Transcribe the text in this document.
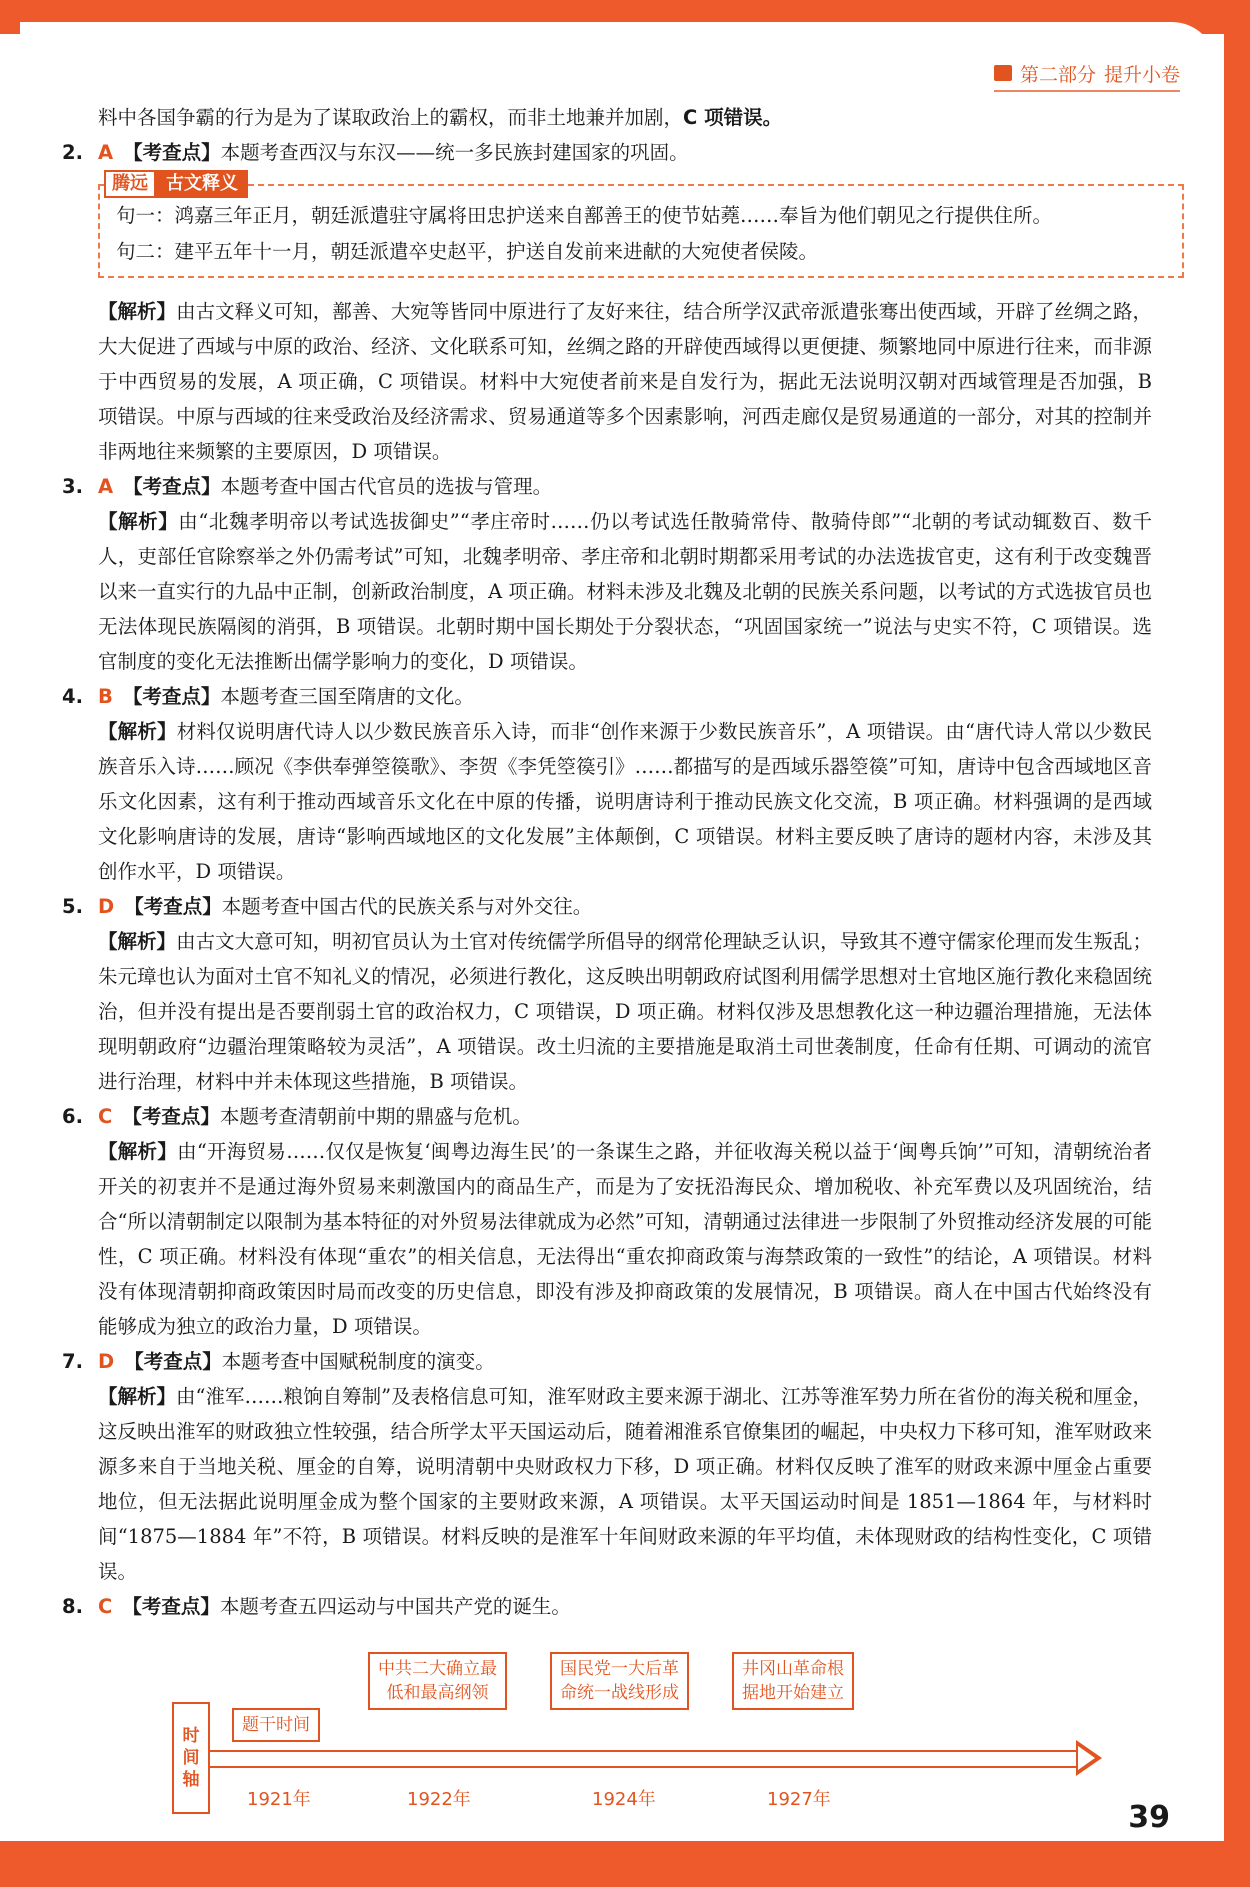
第二部分 提升小卷

料中各国争霸的行为是为了谋取政治上的霸权，而非土地兼并加剧，C 项错误。

2. A 【考查点】 本题考查西汉与东汉——统一多民族封建国家的巩固。
腾远	古文释义
句一：鸿嘉三年正月，朝廷派遣驻守属将田忠护送来自鄯善王的使节姑蕘……奉旨为他们朝见之行提供住所。
句二：建平五年十一月，朝廷派遣卒史赵平，护送自发前来进献的大宛使者侯陵。

【解析】由古文释义可知，鄯善、大宛等皆同中原进行了友好来往，结合所学汉武帝派遣张骞出使西域，开辟了丝绸之路，大大促进了西域与中原的政治、经济、文化联系可知，丝绸之路的开辟使西域得以更便捷、频繁地同中原进行往来，而非源于中西贸易的发展，A 项正确，C 项错误。材料中大宛使者前来是自发行为，据此无法说明汉朝对西域管理是否加强，B 项错误。中原与西域的往来受政治及经济需求、贸易通道等多个因素影响，河西走廊仅是贸易通道的一部分，对其的控制并非两地往来频繁的主要原因，D 项错误。

3. A 【考查点】 本题考查中国古代官员的选拔与管理。

【解析】由“北魏孝明帝以考试选拔御史”“孝庄帝时……仍以考试选任散骑常侍、散骑侍郎”“北朝的考试动辄数百、数千人，吏部任官除察举之外仍需考试”可知，北魏孝明帝、孝庄帝和北朝时期都采用考试的办法选拔官吏，这有利于改变魏晋以来一直实行的九品中正制，创新政治制度，A 项正确。材料未涉及北魏及北朝的民族关系问题，以考试的方式选拔官员也无法体现民族隔阂的消弭，B 项错误。北朝时期中国长期处于分裂状态，“巩固国家统一”说法与史实不符，C 项错误。选官制度的变化无法推断出儒学影响力的变化，D 项错误。

4. B 【考查点】 本题考查三国至隋唐的文化。

【解析】材料仅说明唐代诗人以少数民族音乐入诗，而非“创作来源于少数民族音乐”，A 项错误。由“唐代诗人常以少数民族音乐入诗……顾况《李供奉弹箜篌歌》、李贺《李凭箜篌引》……都描写的是西域乐器箜篌”可知，唐诗中包含西域地区音乐文化因素，这有利于推动西域音乐文化在中原的传播，说明唐诗利于推动民族文化交流，B 项正确。材料强调的是西域文化影响唐诗的发展，唐诗“影响西域地区的文化发展”主体颠倒，C 项错误。材料主要反映了唐诗的题材内容，未涉及其创作水平，D 项错误。

5. D 【考查点】 本题考查中国古代的民族关系与对外交往。

【解析】由古文大意可知，明初官员认为土官对传统儒学所倡导的纲常伦理缺乏认识，导致其不遵守儒家伦理而发生叛乱；朱元璋也认为面对土官不知礼义的情况，必须进行教化，这反映出明朝政府试图利用儒学思想对土官地区施行教化来稳固统治，但并没有提出是否要削弱土官的政治权力，C 项错误，D 项正确。材料仅涉及思想教化这一种边疆治理措施，无法体现明朝政府“边疆治理策略较为灵活”，A 项错误。改土归流的主要措施是取消土司世袭制度，任命有任期、可调动的流官进行治理，材料中并未体现这些措施，B 项错误。

6. C 【考查点】 本题考查清朝前中期的鼎盛与危机。

【解析】由“开海贸易……仅仅是恢复‘闽粤边海生民’的一条谋生之路，并征收海关税以益于‘闽粤兵饷’”可知，清朝统治者开关的初衷并不是通过海外贸易来刺激国内的商品生产，而是为了安抚沿海民众、增加税收、补充军费以及巩固统治，结合“所以清朝制定以限制为基本特征的对外贸易法律就成为必然”可知，清朝通过法律进一步限制了外贸推动经济发展的可能性，C 项正确。材料没有体现“重农”的相关信息，无法得出“重农抑商政策与海禁政策的一致性”的结论，A 项错误。材料没有体现清朝抑商政策因时局而改变的历史信息，即没有涉及抑商政策的发展情况，B 项错误。商人在中国古代始终没有能够成为独立的政治力量，D 项错误。

7. D 【考查点】 本题考查中国赋税制度的演变。

【解析】由“淮军……粮饷自筹制”及表格信息可知，淮军财政主要来源于湖北、江苏等淮军势力所在省份的海关税和厘金，这反映出淮军的财政独立性较强，结合所学太平天国运动后，随着湘淮系官僚集团的崛起，中央权力下移可知，淮军财政来源多来自于当地关税、厘金的自筹，说明清朝中央财政权力下移，D 项正确。材料仅反映了淮军的财政来源中厘金占重要地位，但无法据此说明厘金成为整个国家的主要财政来源，A 项错误。太平天国运动时间是 1851—1864 年，与材料时间“1875—1884 年”不符，B 项错误。材料反映的是淮军十年间财政来源的年平均值，未体现财政的结构性变化，C 项错误。

8. C 【考查点】 本题考查五四运动与中国共产党的诞生。
时
间
轴
题干时间
中共二大确立最
低和最高纲领
国民党一大后革
命统一战线形成
井冈山革命根
据地开始建立
1921年	1922年	1924年	1927年
39
